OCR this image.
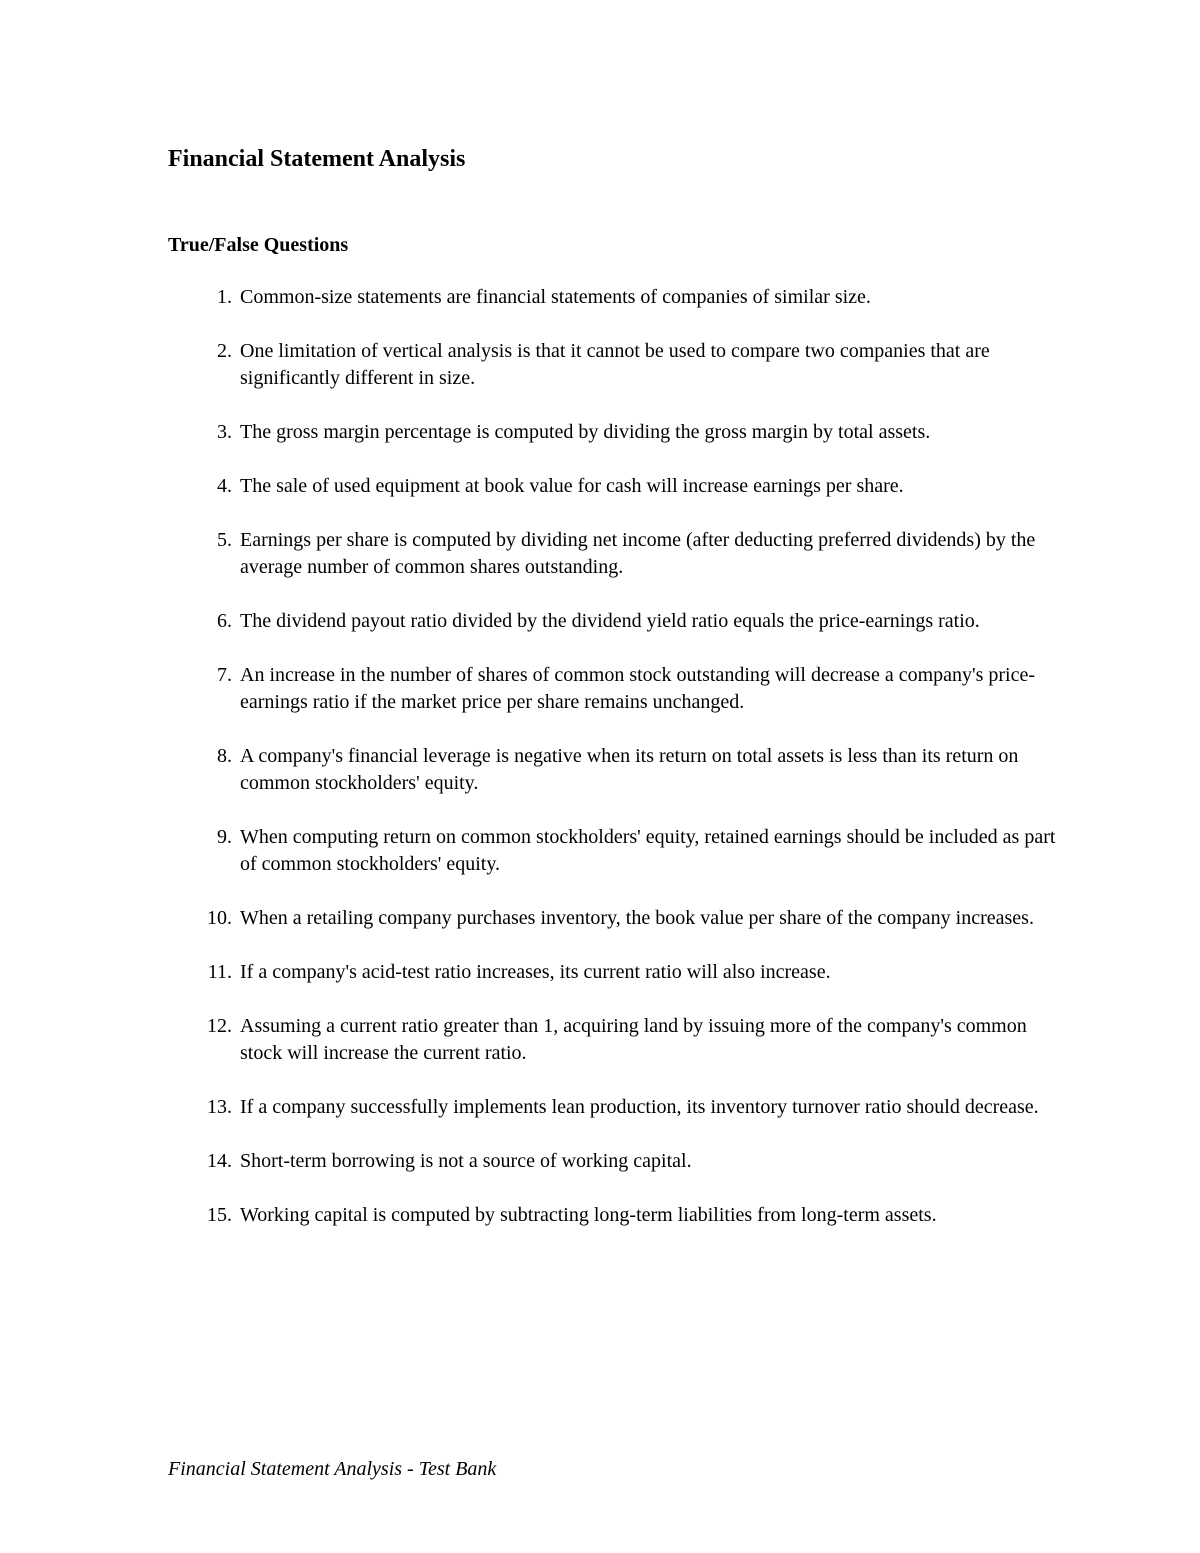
Financial Statement Analysis
True/False Questions
1. Common-size statements are financial statements of companies of similar size.
2. One limitation of vertical analysis is that it cannot be used to compare two companies that are significantly different in size.
3. The gross margin percentage is computed by dividing the gross margin by total assets.
4. The sale of used equipment at book value for cash will increase earnings per share.
5. Earnings per share is computed by dividing net income (after deducting preferred dividends) by the average number of common shares outstanding.
6. The dividend payout ratio divided by the dividend yield ratio equals the price-earnings ratio.
7. An increase in the number of shares of common stock outstanding will decrease a company's price-earnings ratio if the market price per share remains unchanged.
8. A company's financial leverage is negative when its return on total assets is less than its return on common stockholders' equity.
9. When computing return on common stockholders' equity, retained earnings should be included as part of common stockholders' equity.
10. When a retailing company purchases inventory, the book value per share of the company increases.
11. If a company's acid-test ratio increases, its current ratio will also increase.
12. Assuming a current ratio greater than 1, acquiring land by issuing more of the company's common stock will increase the current ratio.
13. If a company successfully implements lean production, its inventory turnover ratio should decrease.
14. Short-term borrowing is not a source of working capital.
15. Working capital is computed by subtracting long-term liabilities from long-term assets.

Financial Statement Analysis - Test Bank
